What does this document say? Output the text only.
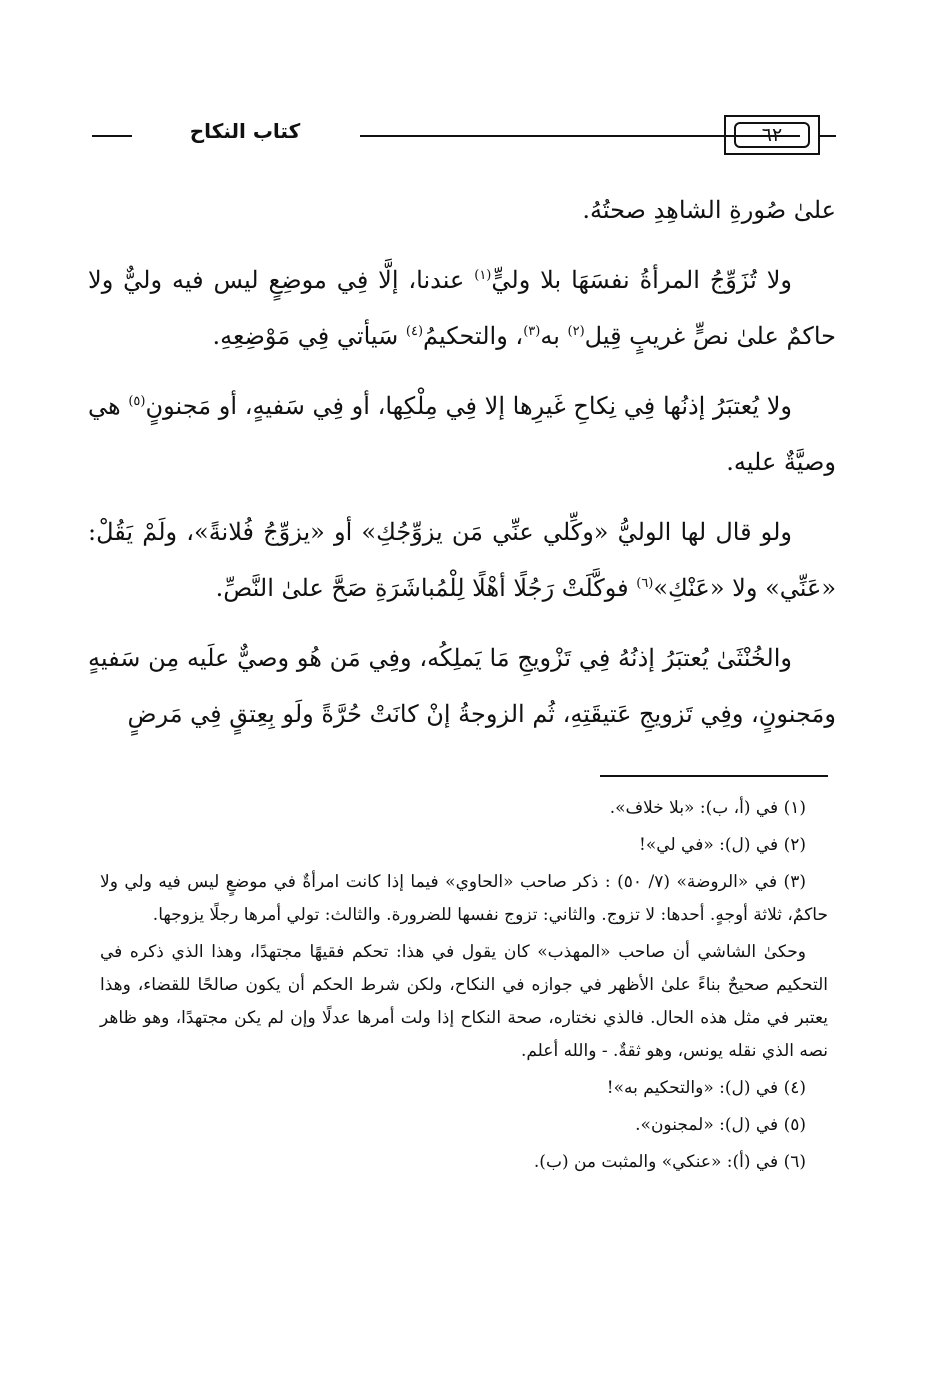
كتاب النكاح	٦٢

علىٰ صُورةِ الشاهِدِ صحتُهُ.

ولا تُزَوِّجُ المرأةُ نفسَهَا بلا وليٍّ$^{(١)}$ عندنا، إلَّا فِي موضِعٍ ليس فيه وليٌّ ولا حاكمٌ علىٰ نصٍّ غريبٍ قِيل$^{(٢)}$ به$^{(٣)}$، والتحكيمُ$^{(٤)}$ سَيأتي فِي مَوْضِعِهِ.

ولا يُعتبَرُ إذنُها فِي نِكاحِ غَيرِها إلا فِي مِلْكِها، أو فِي سَفيهٍ، أو مَجنونٍ$^{(٥)}$ هي وصيَّةٌ عليه.

ولو قال لها الوليُّ «وكِّلي عنِّي مَن يزوِّجُكِ» أو «يزوِّجُ فُلانةً»، ولَمْ يَقُلْ: «عَنِّي» ولا «عَنْكِ»$^{(٦)}$ فوكَّلَتْ رَجُلًا أهْلًا لِلْمُباشَرَةِ صَحَّ علىٰ النَّصِّ.

والخُنْثَىٰ يُعتبَرُ إذنُهُ فِي تَزْويجِ مَا يَملِكُه، وفِي مَن هُو وصيٌّ علَيه مِن سَفيهٍ ومَجنونٍ، وفِي تَزويجِ عَتيقَتِهِ، ثُم الزوجةُ إنْ كانَتْ حُرَّةً ولَو بِعِتقٍ فِي مَرضٍ

(١) في (أ، ب): «بلا خلاف».

(٢) في (ل): «في لي»!

(٣) في «الروضة» (٧/ ٥٠) : ذكر صاحب «الحاوي» فيما إذا كانت امرأةٌ في موضعٍ ليس فيه ولي ولا حاكمٌ، ثلاثة أوجهٍ. أحدها: لا تزوج. والثاني: تزوج نفسها للضرورة. والثالث: تولي أمرها رجلًا يزوجها.

وحكىٰ الشاشي أن صاحب «المهذب» كان يقول في هذا: تحكم فقيهًا مجتهدًا، وهذا الذي ذكره في التحكيم صحيحٌ بناءً علىٰ الأظهر في جوازه في النكاح، ولكن شرط الحكم أن يكون صالحًا للقضاء، وهذا يعتبر في مثل هذه الحال. فالذي نختاره، صحة النكاح إذا ولت أمرها عدلًا وإن لم يكن مجتهدًا، وهو ظاهر نصه الذي نقله يونس، وهو ثقةٌ. - والله أعلم.

(٤) في (ل): «والتحكيم به»!

(٥) في (ل): «لمجنون».

(٦) في (أ): «عنكي» والمثبت من (ب).
